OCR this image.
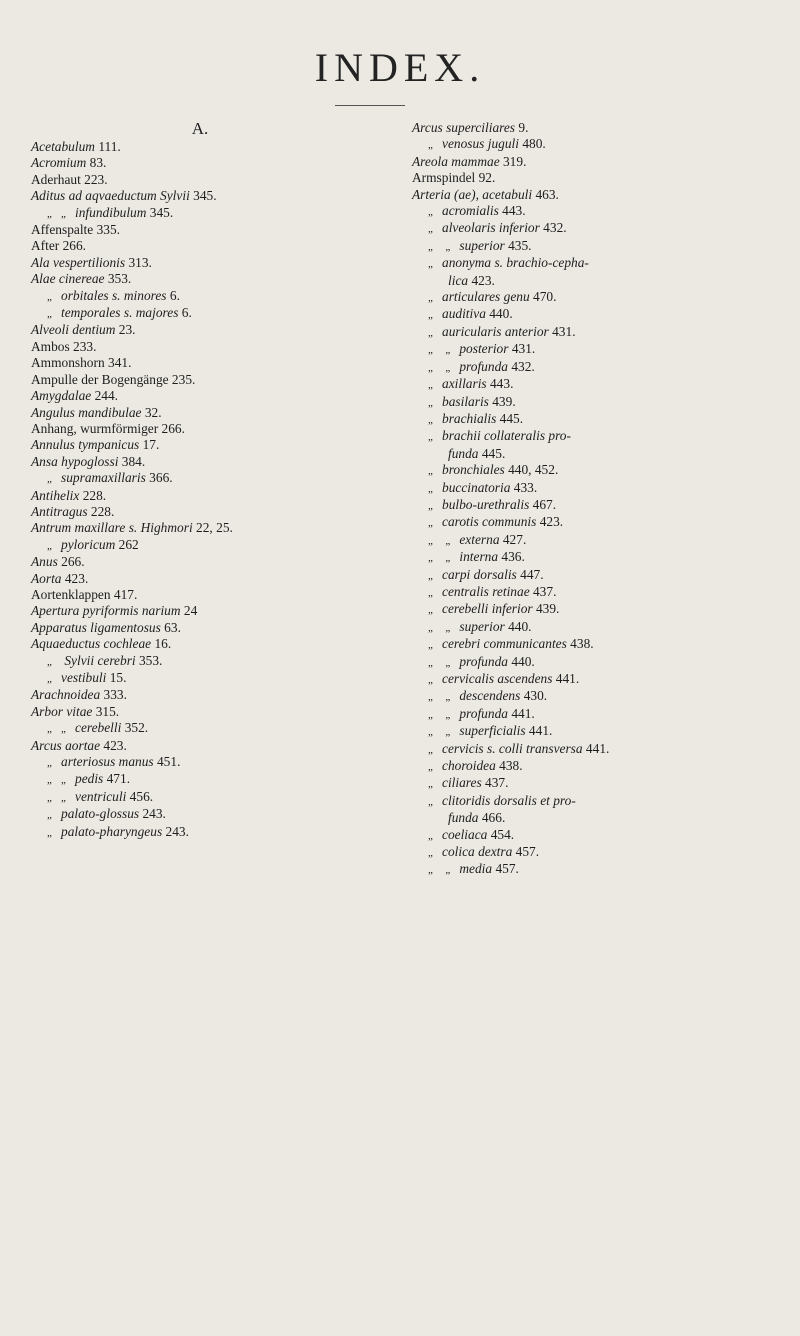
INDEX.
A.
Acetabulum 111.
Acromium 83.
Aderhaut 223.
Aditus ad aqvaeductum Sylvii 345.
„ „ infundibulum 345.
Affenspalte 335.
After 266.
Ala vespertilionis 313.
Alae cinereae 353.
„ orbitales s. minores 6.
„ temporales s. majores 6.
Alveoli dentium 23.
Ambos 233.
Ammonshorn 341.
Ampulle der Bogengänge 235.
Amygdalae 244.
Angulus mandibulae 32.
Anhang, wurmförmiger 266.
Annulus tympanicus 17.
Ansa hypoglossi 384.
„ supramaxillaris 366.
Antihelix 228.
Antitragus 228.
Antrum maxillare s. Highmori 22, 25.
„ pyloricum 262
Anus 266.
Aorta 423.
Aortenklappen 417.
Apertura pyriformis narium 24
Apparatus ligamentosus 63.
Aquaeductus cochleae 16.
„ Sylvii cerebri 353.
„ vestibuli 15.
Arachnoidea 333.
Arbor vitae 315.
„ „ cerebelli 352.
Arcus aortae 423.
„ arteriosus manus 451.
„ „ pedis 471.
„ „ ventriculi 456.
„ palato-glossus 243.
„ palato-pharyngeus 243.
Arcus superciliares 9.
„ venosus juguli 480.
Areola mammae 319.
Armspindel 92.
Arteria (ae), acetabuli 463.
„ acromialis 443.
„ alveolaris inferior 432.
„ „ superior 435.
„ anonyma s. brachio-cepha-
lica 423.
„ articulares genu 470.
„ auditiva 440.
„ auricularis anterior 431.
„ „ posterior 431.
„ „ profunda 432.
„ axillaris 443.
„ basilaris 439.
„ brachialis 445.
„ brachii collateralis pro-
funda 445.
„ bronchiales 440, 452.
„ buccinatoria 433.
„ bulbo-urethralis 467.
„ carotis communis 423.
„ „ externa 427.
„ „ interna 436.
„ carpi dorsalis 447.
„ centralis retinae 437.
„ cerebelli inferior 439.
„ „ superior 440.
„ cerebri communicantes 438.
„ „ profunda 440.
„ cervicalis ascendens 441.
„ „ descendens 430.
„ „ profunda 441.
„ „ superficialis 441.
„ cervicis s. colli transversa 441.
„ choroidea 438.
„ ciliares 437.
„ clitoridis dorsalis et pro-
funda 466.
„ coeliaca 454.
„ colica dextra 457.
„ „ media 457.
